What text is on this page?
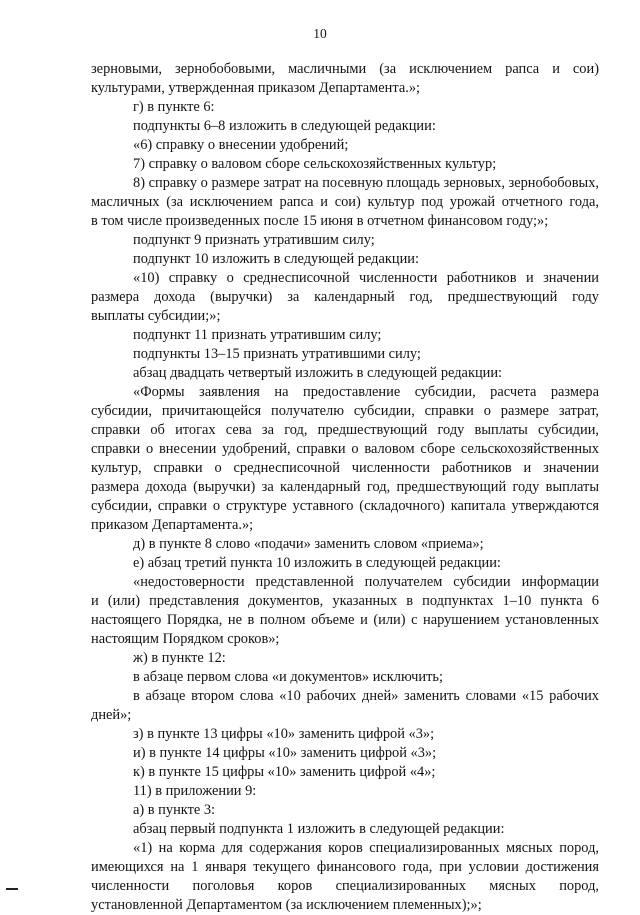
10
зерновыми, зернобобовыми, масличными (за исключением рапса и сои)
культурами, утвержденная приказом Департамента.»;
г) в пункте 6:
подпункты 6–8 изложить в следующей редакции:
«6) справку о внесении удобрений;
7) справку о валовом сборе сельскохозяйственных культур;
8) справку о размере затрат на посевную площадь зерновых, зернобобовых,
масличных (за исключением рапса и сои) культур под урожай отчетного года,
в том числе произведенных после 15 июня в отчетном финансовом году;»;
подпункт 9 признать утратившим силу;
подпункт 10 изложить в следующей редакции:
«10) справку о среднесписочной численности работников и значении
размера дохода (выручки) за календарный год, предшествующий году
выплаты субсидии;»;
подпункт 11 признать утратившим силу;
подпункты 13–15 признать утратившими силу;
абзац двадцать четвертый изложить в следующей редакции:
«Формы заявления на предоставление субсидии, расчета размера
субсидии, причитающейся получателю субсидии, справки о размере затрат,
справки об итогах сева за год, предшествующий году выплаты субсидии,
справки о внесении удобрений, справки о валовом сборе сельскохозяйственных
культур, справки о среднесписочной численности работников и значении
размера дохода (выручки) за календарный год, предшествующий году выплаты
субсидии, справки о структуре уставного (складочного) капитала утверждаются
приказом Департамента.»;
д) в пункте 8 слово «подачи» заменить словом «приема»;
е) абзац третий пункта 10 изложить в следующей редакции:
«недостоверности представленной получателем субсидии информации
и (или) представления документов, указанных в подпунктах 1–10 пункта 6
настоящего Порядка, не в полном объеме и (или) с нарушением установленных
настоящим Порядком сроков»;
ж) в пункте 12:
в абзаце первом слова «и документов» исключить;
в абзаце втором слова «10 рабочих дней» заменить словами «15 рабочих
дней»;
з) в пункте 13 цифры «10» заменить цифрой «3»;
и) в пункте 14 цифры «10» заменить цифрой «3»;
к) в пункте 15 цифры «10» заменить цифрой «4»;
11) в приложении 9:
а) в пункте 3:
абзац первый подпункта 1 изложить в следующей редакции:
«1) на корма для содержания коров специализированных мясных пород,
имеющихся на 1 января текущего финансового года, при условии достижения
численности поголовья коров специализированных мясных пород,
установленной Департаментом (за исключением племенных);»;
